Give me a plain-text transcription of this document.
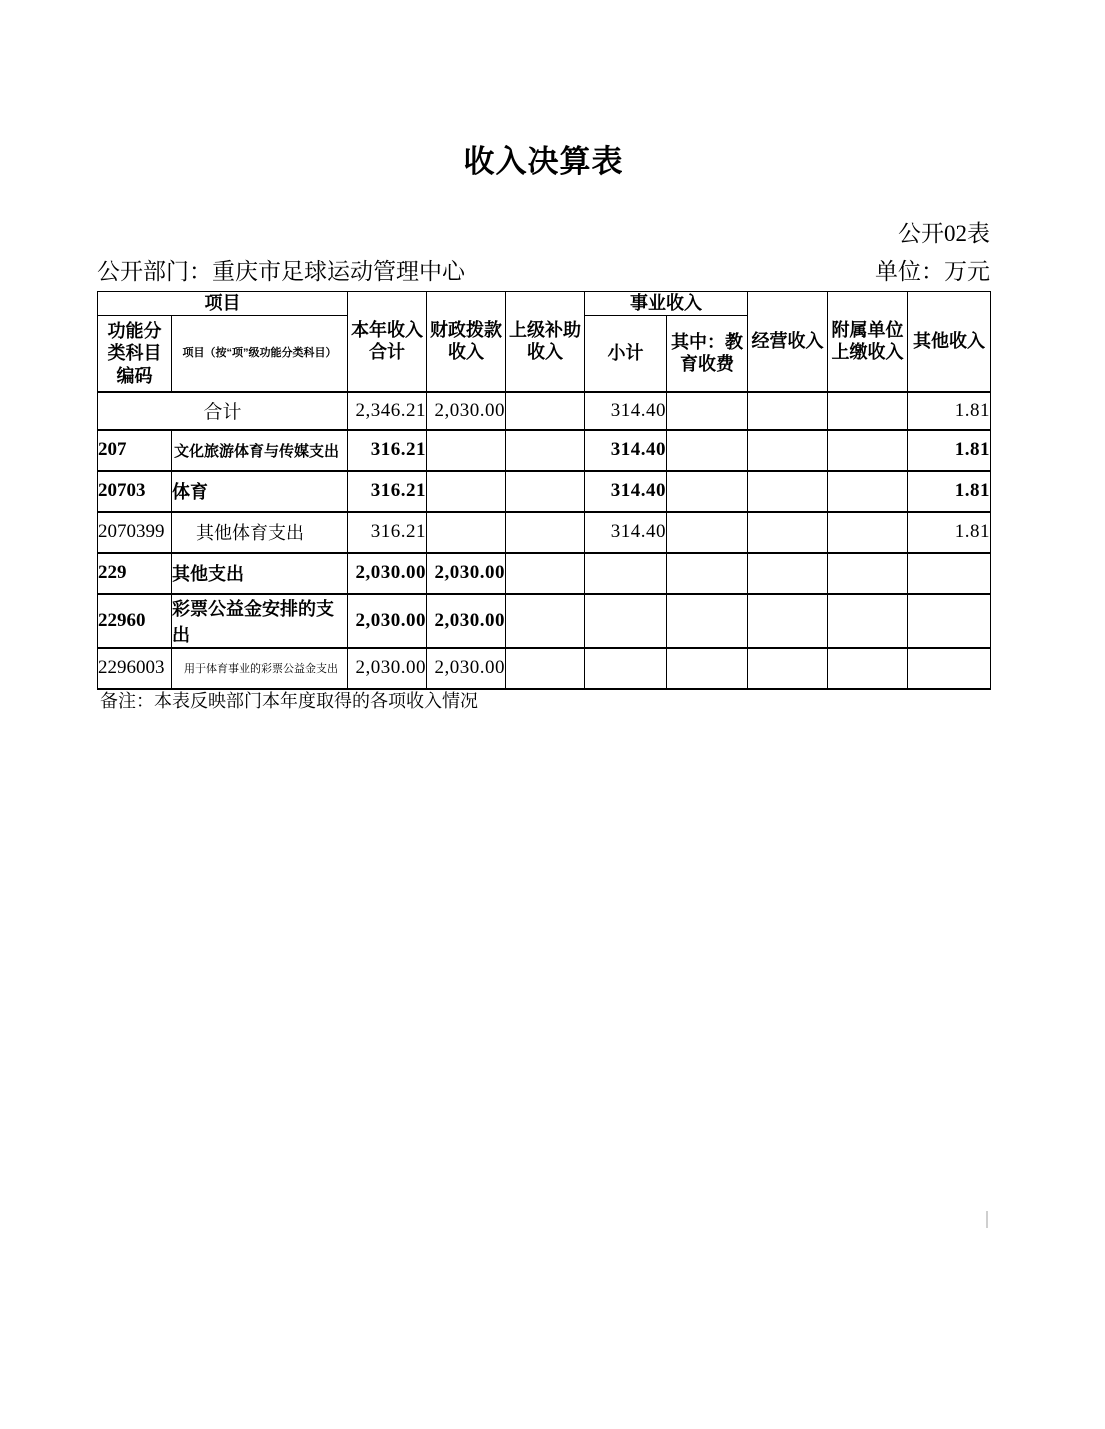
收入决算表
公开02表
公开部门：重庆市足球运动管理中心	单位：万元
项目		本年收入合计	财政拨款收入	上级补助收入	事业收入		经营收入	附属单位上缴收入	其他收入
功能分类科目编码	项目（按“项”级功能分类科目）				小计	其中：教育收费			
合计		2,346.21	2,030.00		314.40				1.81
207	文化旅游体育与传媒支出	316.21			314.40				1.81
20703	体育	316.21			314.40				1.81
2070399	其他体育支出	316.21			314.40				1.81
229	其他支出	2,030.00	2,030.00						
22960	彩票公益金安排的支出	2,030.00	2,030.00						
2296003	用于体育事业的彩票公益金支出	2,030.00	2,030.00						
备注：本表反映部门本年度取得的各项收入情况
